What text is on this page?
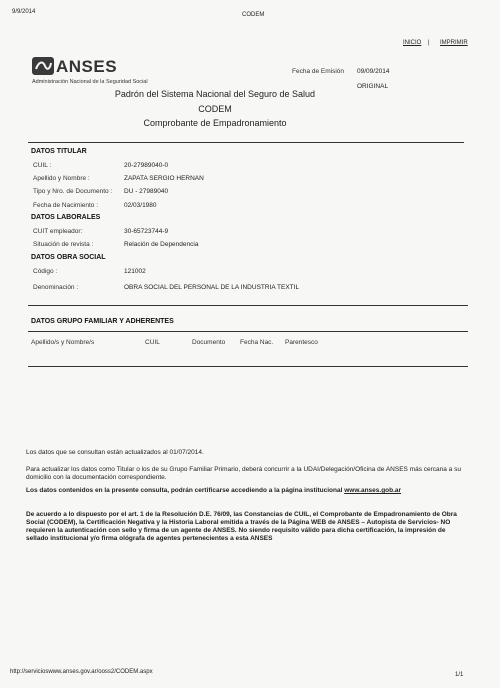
9/9/2014	CODEM
INICIO | IMPRIMIR
ANSES
Administración Nacional de la Seguridad Social
Fecha de Emisión 09/09/2014
ORIGINAL
Padrón del Sistema Nacional del Seguro de Salud
CODEM
Comprobante de Empadronamiento
DATOS TITULAR
CUIL :	20-27989040-0
Apellido y Nombre :	ZAPATA SERGIO HERNAN
Tipo y Nro. de Documento : DU - 27989040
Fecha de Nacimiento :	02/03/1980
DATOS LABORALES
CUIT empleador:	30-65723744-9
Situación de revista :	Relación de Dependencia
DATOS OBRA SOCIAL
Código :	121002
Denominación :	OBRA SOCIAL DEL PERSONAL DE LA INDUSTRIA TEXTIL
DATOS GRUPO FAMILIAR Y ADHERENTES
Apellido/s y Nombre/s	CUIL	Documento Fecha Nac. Parentesco
Los datos que se consultan están actualizados al 01/07/2014.
Para actualizar los datos como Titular o los de su Grupo Familiar Primario, deberá concurrir a la UDAI/Delegación/Oficina de ANSES más cercana a su domicilio con la documentación correspondiente.
Los datos contenidos en la presente consulta, podrán certificarse accediendo a la página institucional www.anses.gob.ar
De acuerdo a lo dispuesto por el art. 1 de la Resolución D.E. 76/09, las Constancias de CUIL, el Comprobante de Empadronamiento de Obra Social (CODEM), la Certificación Negativa y la Historia Laboral emitida a través de la Página WEB de ANSES – Autopista de Servicios- NO requieren la autenticación con sello y firma de un agente de ANSES. No siendo requisito válido para dicha certificación, la impresión de sellado institucional y/o firma ológrafa de agentes pertenecientes a esta ANSES
http://servicioswww.anses.gov.ar/ooss2/CODEM.aspx	1/1
